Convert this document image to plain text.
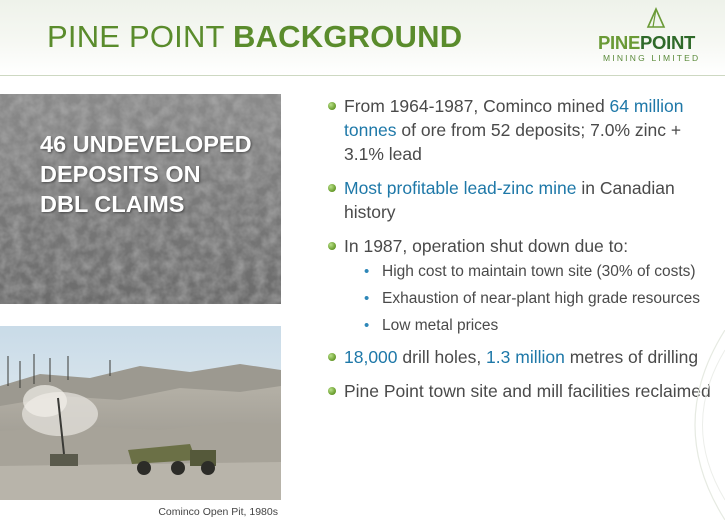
PINE POINT BACKGROUND	PINEPOINT
MINING LIMITED
46 UNDEVELOPED
DEPOSITS ON
DBL CLAIMS
Cominco Open Pit, 1980s
From 1964-1987, Cominco mined 64 million tonnes of ore from 52 deposits; 7.0% zinc + 3.1% lead
Most profitable lead-zinc mine in Canadian history
In 1987, operation shut down due to:
• High cost to maintain town site (30% of costs)
• Exhaustion of near-plant high grade resources
• Low metal prices
18,000 drill holes, 1.3 million metres of drilling
Pine Point town site and mill facilities reclaimed
